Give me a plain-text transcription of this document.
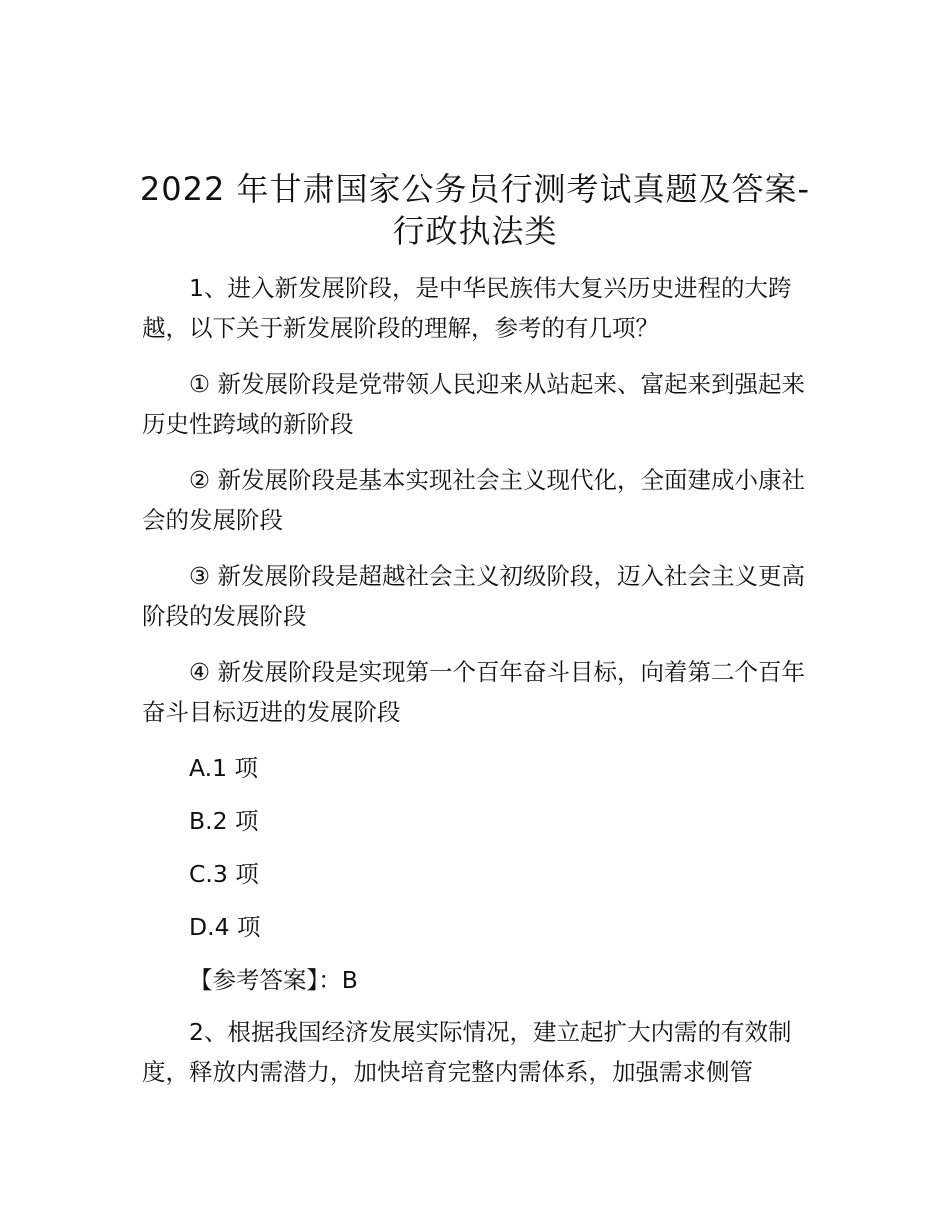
2022 年甘肃国家公务员行测考试真题及答案-
行政执法类

1、进入新发展阶段，是中华民族伟大复兴历史进程的大跨越，以下关于新发展阶段的理解，参考的有几项？

① 新发展阶段是党带领人民迎来从站起来、富起来到强起来历史性跨域的新阶段

② 新发展阶段是基本实现社会主义现代化，全面建成小康社会的发展阶段

③ 新发展阶段是超越社会主义初级阶段，迈入社会主义更高阶段的发展阶段

④ 新发展阶段是实现第一个百年奋斗目标，向着第二个百年奋斗目标迈进的发展阶段

A.1 项

B.2 项

C.3 项

D.4 项

【参考答案】：B

2、根据我国经济发展实际情况，建立起扩大内需的有效制度，释放内需潜力，加快培育完整内需体系，加强需求侧管
